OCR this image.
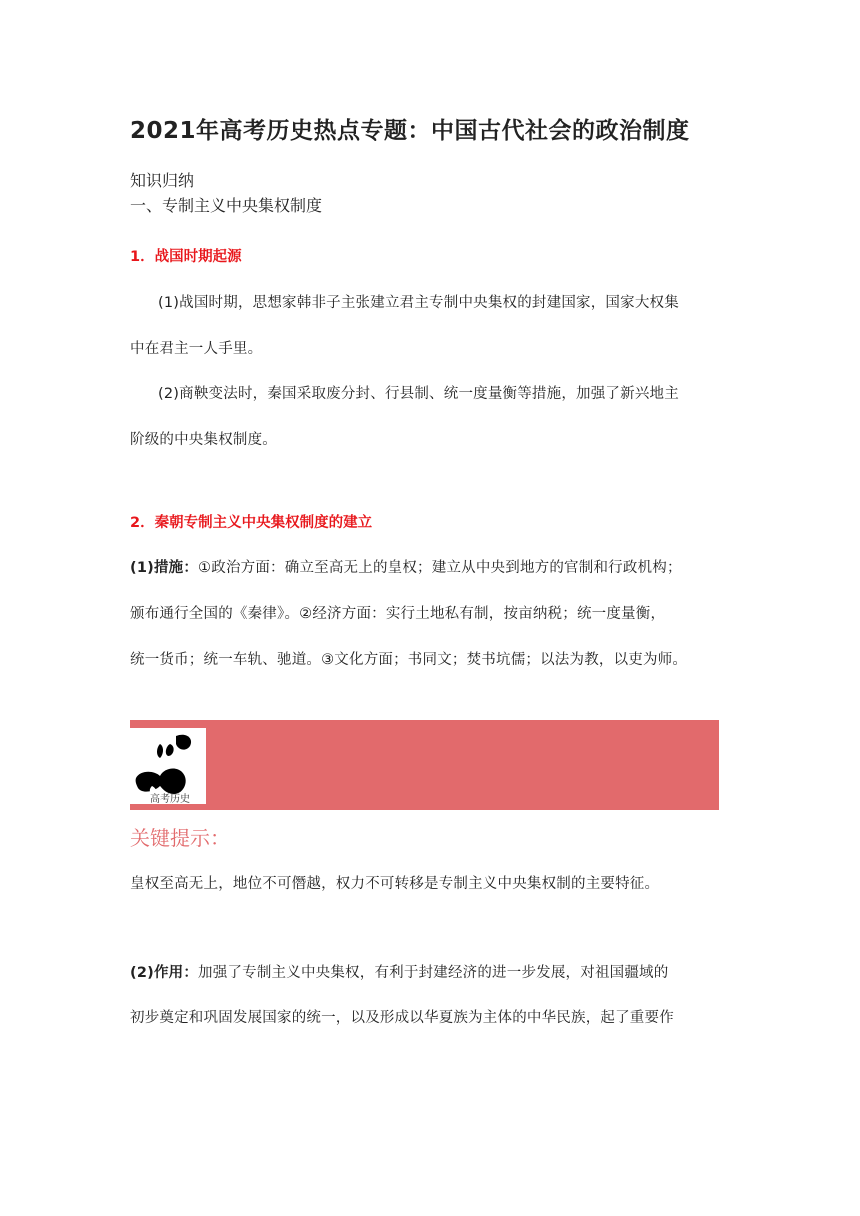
2021年高考历史热点专题：中国古代社会的政治制度
知识归纳
一、专制主义中央集权制度
1．战国时期起源
(1)战国时期，思想家韩非子主张建立君主专制中央集权的封建国家，国家大权集
中在君主一人手里。
(2)商鞅变法时，秦国采取废分封、行县制、统一度量衡等措施，加强了新兴地主
阶级的中央集权制度。
2．秦朝专制主义中央集权制度的建立
(1)措施：①政治方面：确立至高无上的皇权；建立从中央到地方的官制和行政机构；
颁布通行全国的《秦律》。②经济方面：实行土地私有制，按亩纳税；统一度量衡，
统一货币；统一车轨、驰道。③文化方面；书同文；焚书坑儒；以法为教，以吏为师。
高考历史
关键提示：
皇权至高无上，地位不可僭越，权力不可转移是专制主义中央集权制的主要特征。
(2)作用：加强了专制主义中央集权，有利于封建经济的进一步发展，对祖国疆域的
初步奠定和巩固发展国家的统一，以及形成以华夏族为主体的中华民族，起了重要作
